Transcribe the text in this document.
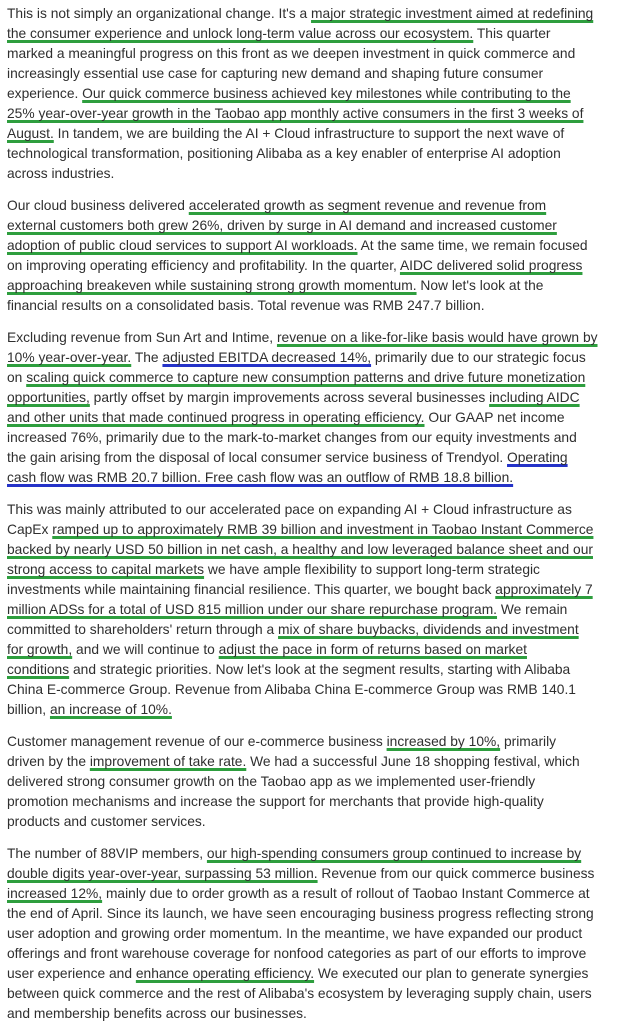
This is not simply an organizational change. It's a major strategic investment aimed at redefining
the consumer experience and unlock long-term value across our ecosystem. This quarter
marked a meaningful progress on this front as we deepen investment in quick commerce and
increasingly essential use case for capturing new demand and shaping future consumer
experience. Our quick commerce business achieved key milestones while contributing to the
25% year-over-year growth in the Taobao app monthly active consumers in the first 3 weeks of
August. In tandem, we are building the AI + Cloud infrastructure to support the next wave of
technological transformation, positioning Alibaba as a key enabler of enterprise AI adoption
across industries.
Our cloud business delivered accelerated growth as segment revenue and revenue from
external customers both grew 26%, driven by surge in AI demand and increased customer
adoption of public cloud services to support AI workloads. At the same time, we remain focused
on improving operating efficiency and profitability. In the quarter, AIDC delivered solid progress
approaching breakeven while sustaining strong growth momentum. Now let's look at the
financial results on a consolidated basis. Total revenue was RMB 247.7 billion.
Excluding revenue from Sun Art and Intime, revenue on a like-for-like basis would have grown by
10% year-over-year. The adjusted EBITDA decreased 14%, primarily due to our strategic focus
on scaling quick commerce to capture new consumption patterns and drive future monetization
opportunities, partly offset by margin improvements across several businesses including AIDC
and other units that made continued progress in operating efficiency. Our GAAP net income
increased 76%, primarily due to the mark-to-market changes from our equity investments and
the gain arising from the disposal of local consumer service business of Trendyol. Operating
cash flow was RMB 20.7 billion. Free cash flow was an outflow of RMB 18.8 billion.
This was mainly attributed to our accelerated pace on expanding AI + Cloud infrastructure as
CapEx ramped up to approximately RMB 39 billion and investment in Taobao Instant Commerce
backed by nearly USD 50 billion in net cash, a healthy and low leveraged balance sheet and our
strong access to capital markets we have ample flexibility to support long-term strategic
investments while maintaining financial resilience. This quarter, we bought back approximately 7
million ADSs for a total of USD 815 million under our share repurchase program. We remain
committed to shareholders' return through a mix of share buybacks, dividends and investment
for growth, and we will continue to adjust the pace in form of returns based on market
conditions and strategic priorities. Now let's look at the segment results, starting with Alibaba
China E-commerce Group. Revenue from Alibaba China E-commerce Group was RMB 140.1
billion, an increase of 10%.
Customer management revenue of our e-commerce business increased by 10%, primarily
driven by the improvement of take rate. We had a successful June 18 shopping festival, which
delivered strong consumer growth on the Taobao app as we implemented user-friendly
promotion mechanisms and increase the support for merchants that provide high-quality
products and customer services.
The number of 88VIP members, our high-spending consumers group continued to increase by
double digits year-over-year, surpassing 53 million. Revenue from our quick commerce business
increased 12%, mainly due to order growth as a result of rollout of Taobao Instant Commerce at
the end of April. Since its launch, we have seen encouraging business progress reflecting strong
user adoption and growing order momentum. In the meantime, we have expanded our product
offerings and front warehouse coverage for nonfood categories as part of our efforts to improve
user experience and enhance operating efficiency. We executed our plan to generate synergies
between quick commerce and the rest of Alibaba's ecosystem by leveraging supply chain, users
and membership benefits across our businesses.
